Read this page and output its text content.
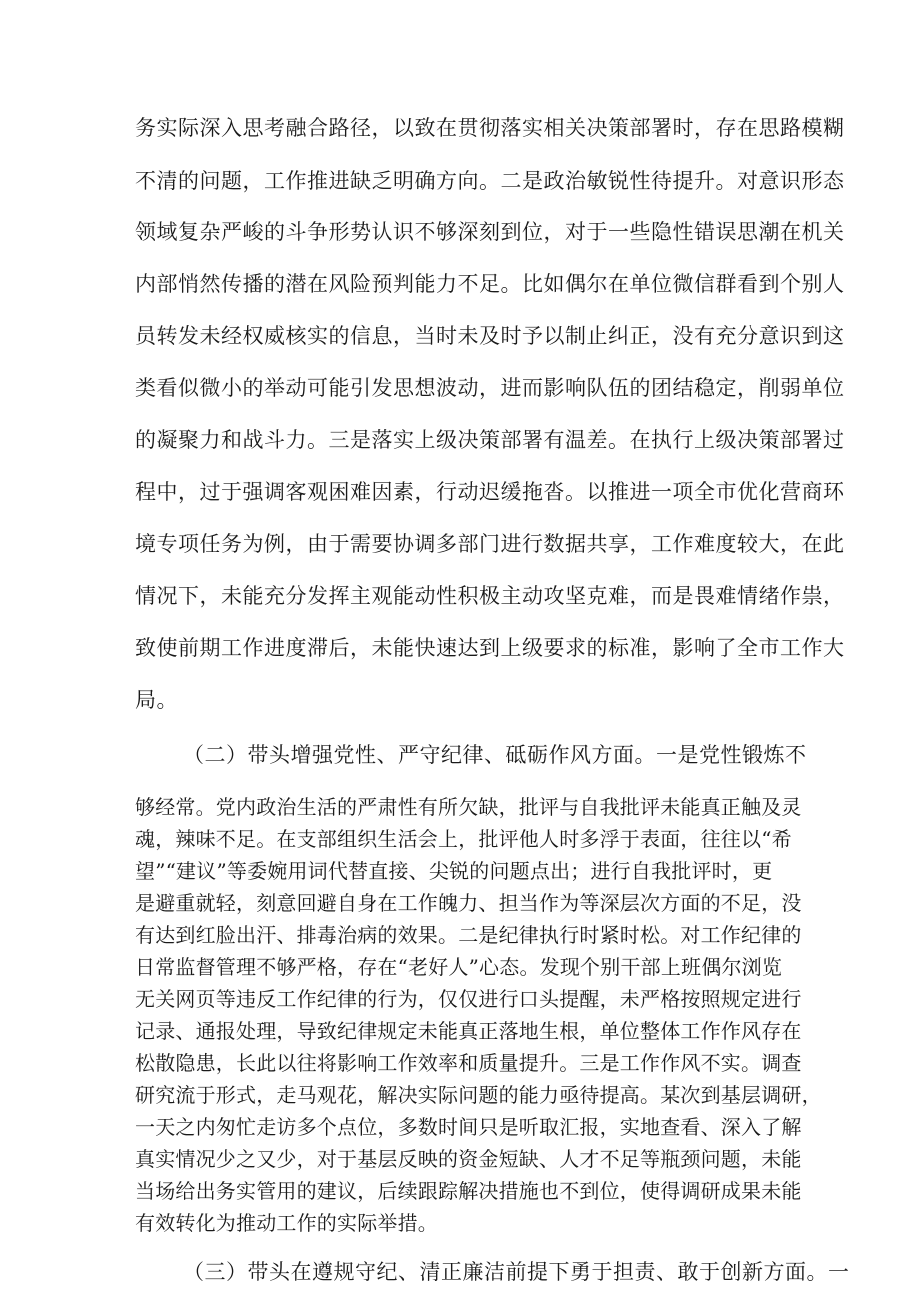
务实际深入思考融合路径，以致在贯彻落实相关决策部署时，存在思路模糊
不清的问题，工作推进缺乏明确方向。二是政治敏锐性待提升。对意识形态
领域复杂严峻的斗争形势认识不够深刻到位，对于一些隐性错误思潮在机关
内部悄然传播的潜在风险预判能力不足。比如偶尔在单位微信群看到个别人
员转发未经权威核实的信息，当时未及时予以制止纠正，没有充分意识到这
类看似微小的举动可能引发思想波动，进而影响队伍的团结稳定，削弱单位
的凝聚力和战斗力。三是落实上级决策部署有温差。在执行上级决策部署过
程中，过于强调客观困难因素，行动迟缓拖沓。以推进一项全市优化营商环
境专项任务为例，由于需要协调多部门进行数据共享，工作难度较大，在此
情况下，未能充分发挥主观能动性积极主动攻坚克难，而是畏难情绪作祟，
致使前期工作进度滞后，未能快速达到上级要求的标准，影响了全市工作大
局。
（二）带头增强党性、严守纪律、砥砺作风方面。一是党性锻炼不
够经常。党内政治生活的严肃性有所欠缺，批评与自我批评未能真正触及灵
魂，辣味不足。在支部组织生活会上，批评他人时多浮于表面，往往以“希
望”“建议”等委婉用词代替直接、尖锐的问题点出；进行自我批评时，更
是避重就轻，刻意回避自身在工作魄力、担当作为等深层次方面的不足，没
有达到红脸出汗、排毒治病的效果。二是纪律执行时紧时松。对工作纪律的
日常监督管理不够严格，存在“老好人”心态。发现个别干部上班偶尔浏览
无关网页等违反工作纪律的行为，仅仅进行口头提醒，未严格按照规定进行
记录、通报处理，导致纪律规定未能真正落地生根，单位整体工作作风存在
松散隐患，长此以往将影响工作效率和质量提升。三是工作作风不实。调查
研究流于形式，走马观花，解决实际问题的能力亟待提高。某次到基层调研，
一天之内匆忙走访多个点位，多数时间只是听取汇报，实地查看、深入了解
真实情况少之又少，对于基层反映的资金短缺、人才不足等瓶颈问题，未能
当场给出务实管用的建议，后续跟踪解决措施也不到位，使得调研成果未能
有效转化为推动工作的实际举措。
（三）带头在遵规守纪、清正廉洁前提下勇于担责、敢于创新方面。一
